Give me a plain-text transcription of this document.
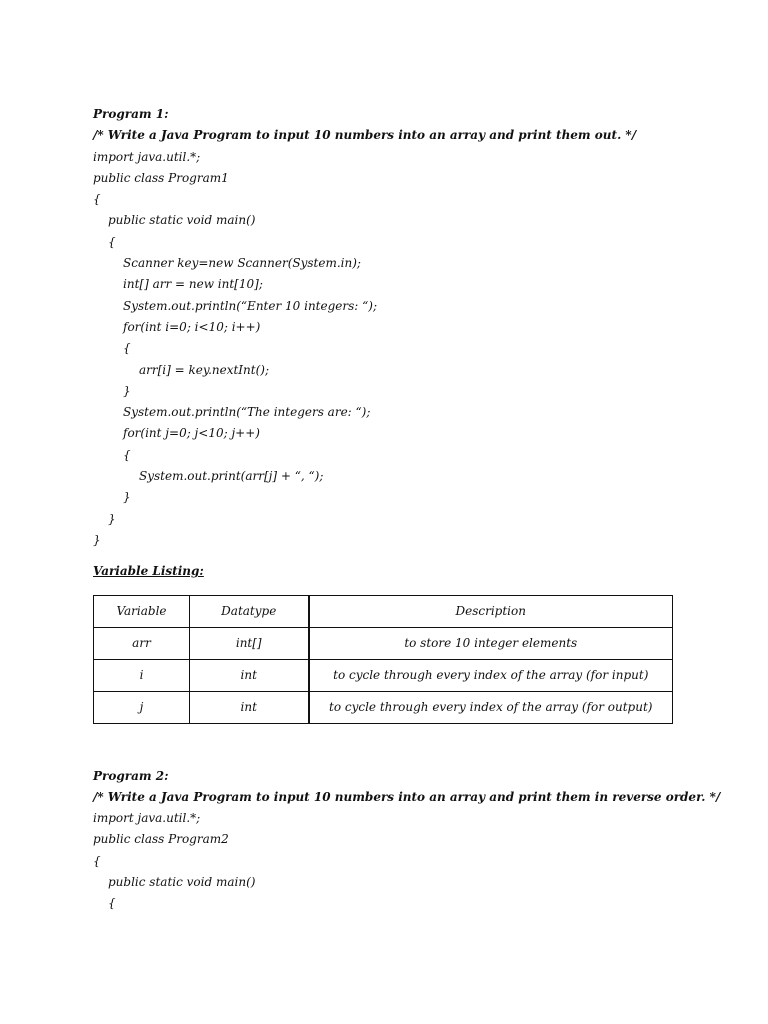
Program 1:
/* Write a Java Program to input 10 numbers into an array and print them out. */
import java.util.*;
public class Program1
{
public static void main()
{
Scanner key=new Scanner(System.in);
int[] arr = new int[10];
System.out.println(“Enter 10 integers: “);
for(int i=0; i<10; i++)
{
arr[i] = key.nextInt();
}
System.out.println(“The integers are: “);
for(int j=0; j<10; j++)
{
System.out.print(arr[j] + “, “);
}
}
}
Variable Listing:
Variable	Datatype	Description
arr	int[]	to store 10 integer elements
i	int	to cycle through every index of the array (for input)
j	int	to cycle through every index of the array (for output)
Program 2:
/* Write a Java Program to input 10 numbers into an array and print them in reverse order. */
import java.util.*;
public class Program2
{
public static void main()
{
